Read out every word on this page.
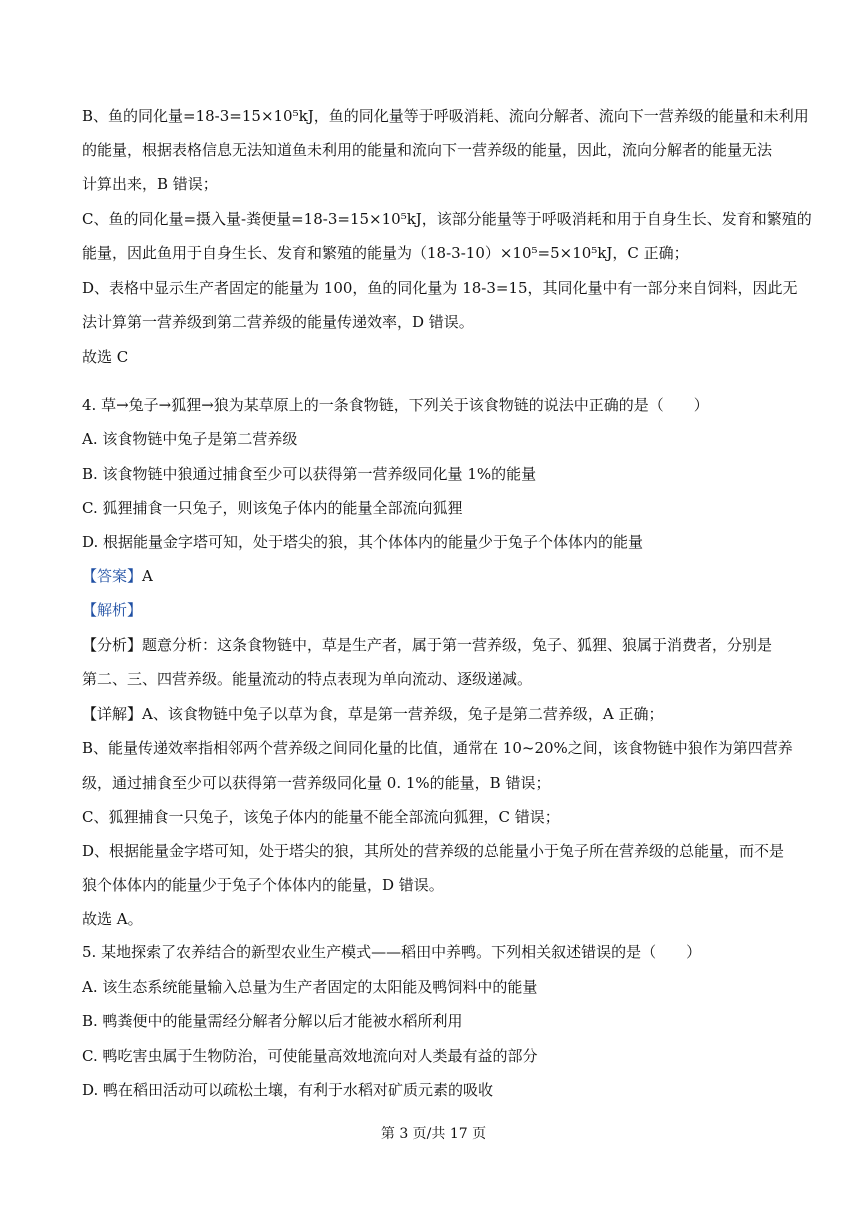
B、鱼的同化量=18-3=15×10⁵kJ，鱼的同化量等于呼吸消耗、流向分解者、流向下一营养级的能量和未利用
的能量，根据表格信息无法知道鱼未利用的能量和流向下一营养级的能量，因此，流向分解者的能量无法
计算出来，B 错误；
C、鱼的同化量=摄入量-粪便量=18-3=15×10⁵kJ，该部分能量等于呼吸消耗和用于自身生长、发育和繁殖的
能量，因此鱼用于自身生长、发育和繁殖的能量为（18-3-10）×10⁵=5×10⁵kJ，C 正确；
D、表格中显示生产者固定的能量为 100，鱼的同化量为 18-3=15，其同化量中有一部分来自饲料，因此无
法计算第一营养级到第二营养级的能量传递效率，D 错误。
故选 C
4. 草→兔子→狐狸→狼为某草原上的一条食物链，下列关于该食物链的说法中正确的是（　　）
A. 该食物链中兔子是第二营养级
B. 该食物链中狼通过捕食至少可以获得第一营养级同化量 1%的能量
C. 狐狸捕食一只兔子，则该兔子体内的能量全部流向狐狸
D. 根据能量金字塔可知，处于塔尖的狼，其个体体内的能量少于兔子个体体内的能量
【答案】A
【解析】
【分析】题意分析：这条食物链中，草是生产者，属于第一营养级，兔子、狐狸、狼属于消费者，分别是
第二、三、四营养级。能量流动的特点表现为单向流动、逐级递减。
【详解】A、该食物链中兔子以草为食，草是第一营养级，兔子是第二营养级，A 正确；
B、能量传递效率指相邻两个营养级之间同化量的比值，通常在 10~20%之间，该食物链中狼作为第四营养
级，通过捕食至少可以获得第一营养级同化量 0. 1%的能量，B 错误；
C、狐狸捕食一只兔子，该兔子体内的能量不能全部流向狐狸，C 错误；
D、根据能量金字塔可知，处于塔尖的狼，其所处的营养级的总能量小于兔子所在营养级的总能量，而不是
狼个体体内的能量少于兔子个体体内的能量，D 错误。
故选 A。
5. 某地探索了农养结合的新型农业生产模式——稻田中养鸭。下列相关叙述错误的是（　　）
A. 该生态系统能量输入总量为生产者固定的太阳能及鸭饲料中的能量
B. 鸭粪便中的能量需经分解者分解以后才能被水稻所利用
C. 鸭吃害虫属于生物防治，可使能量高效地流向对人类最有益的部分
D. 鸭在稻田活动可以疏松土壤，有利于水稻对矿质元素的吸收
第 3 页/共 17 页
